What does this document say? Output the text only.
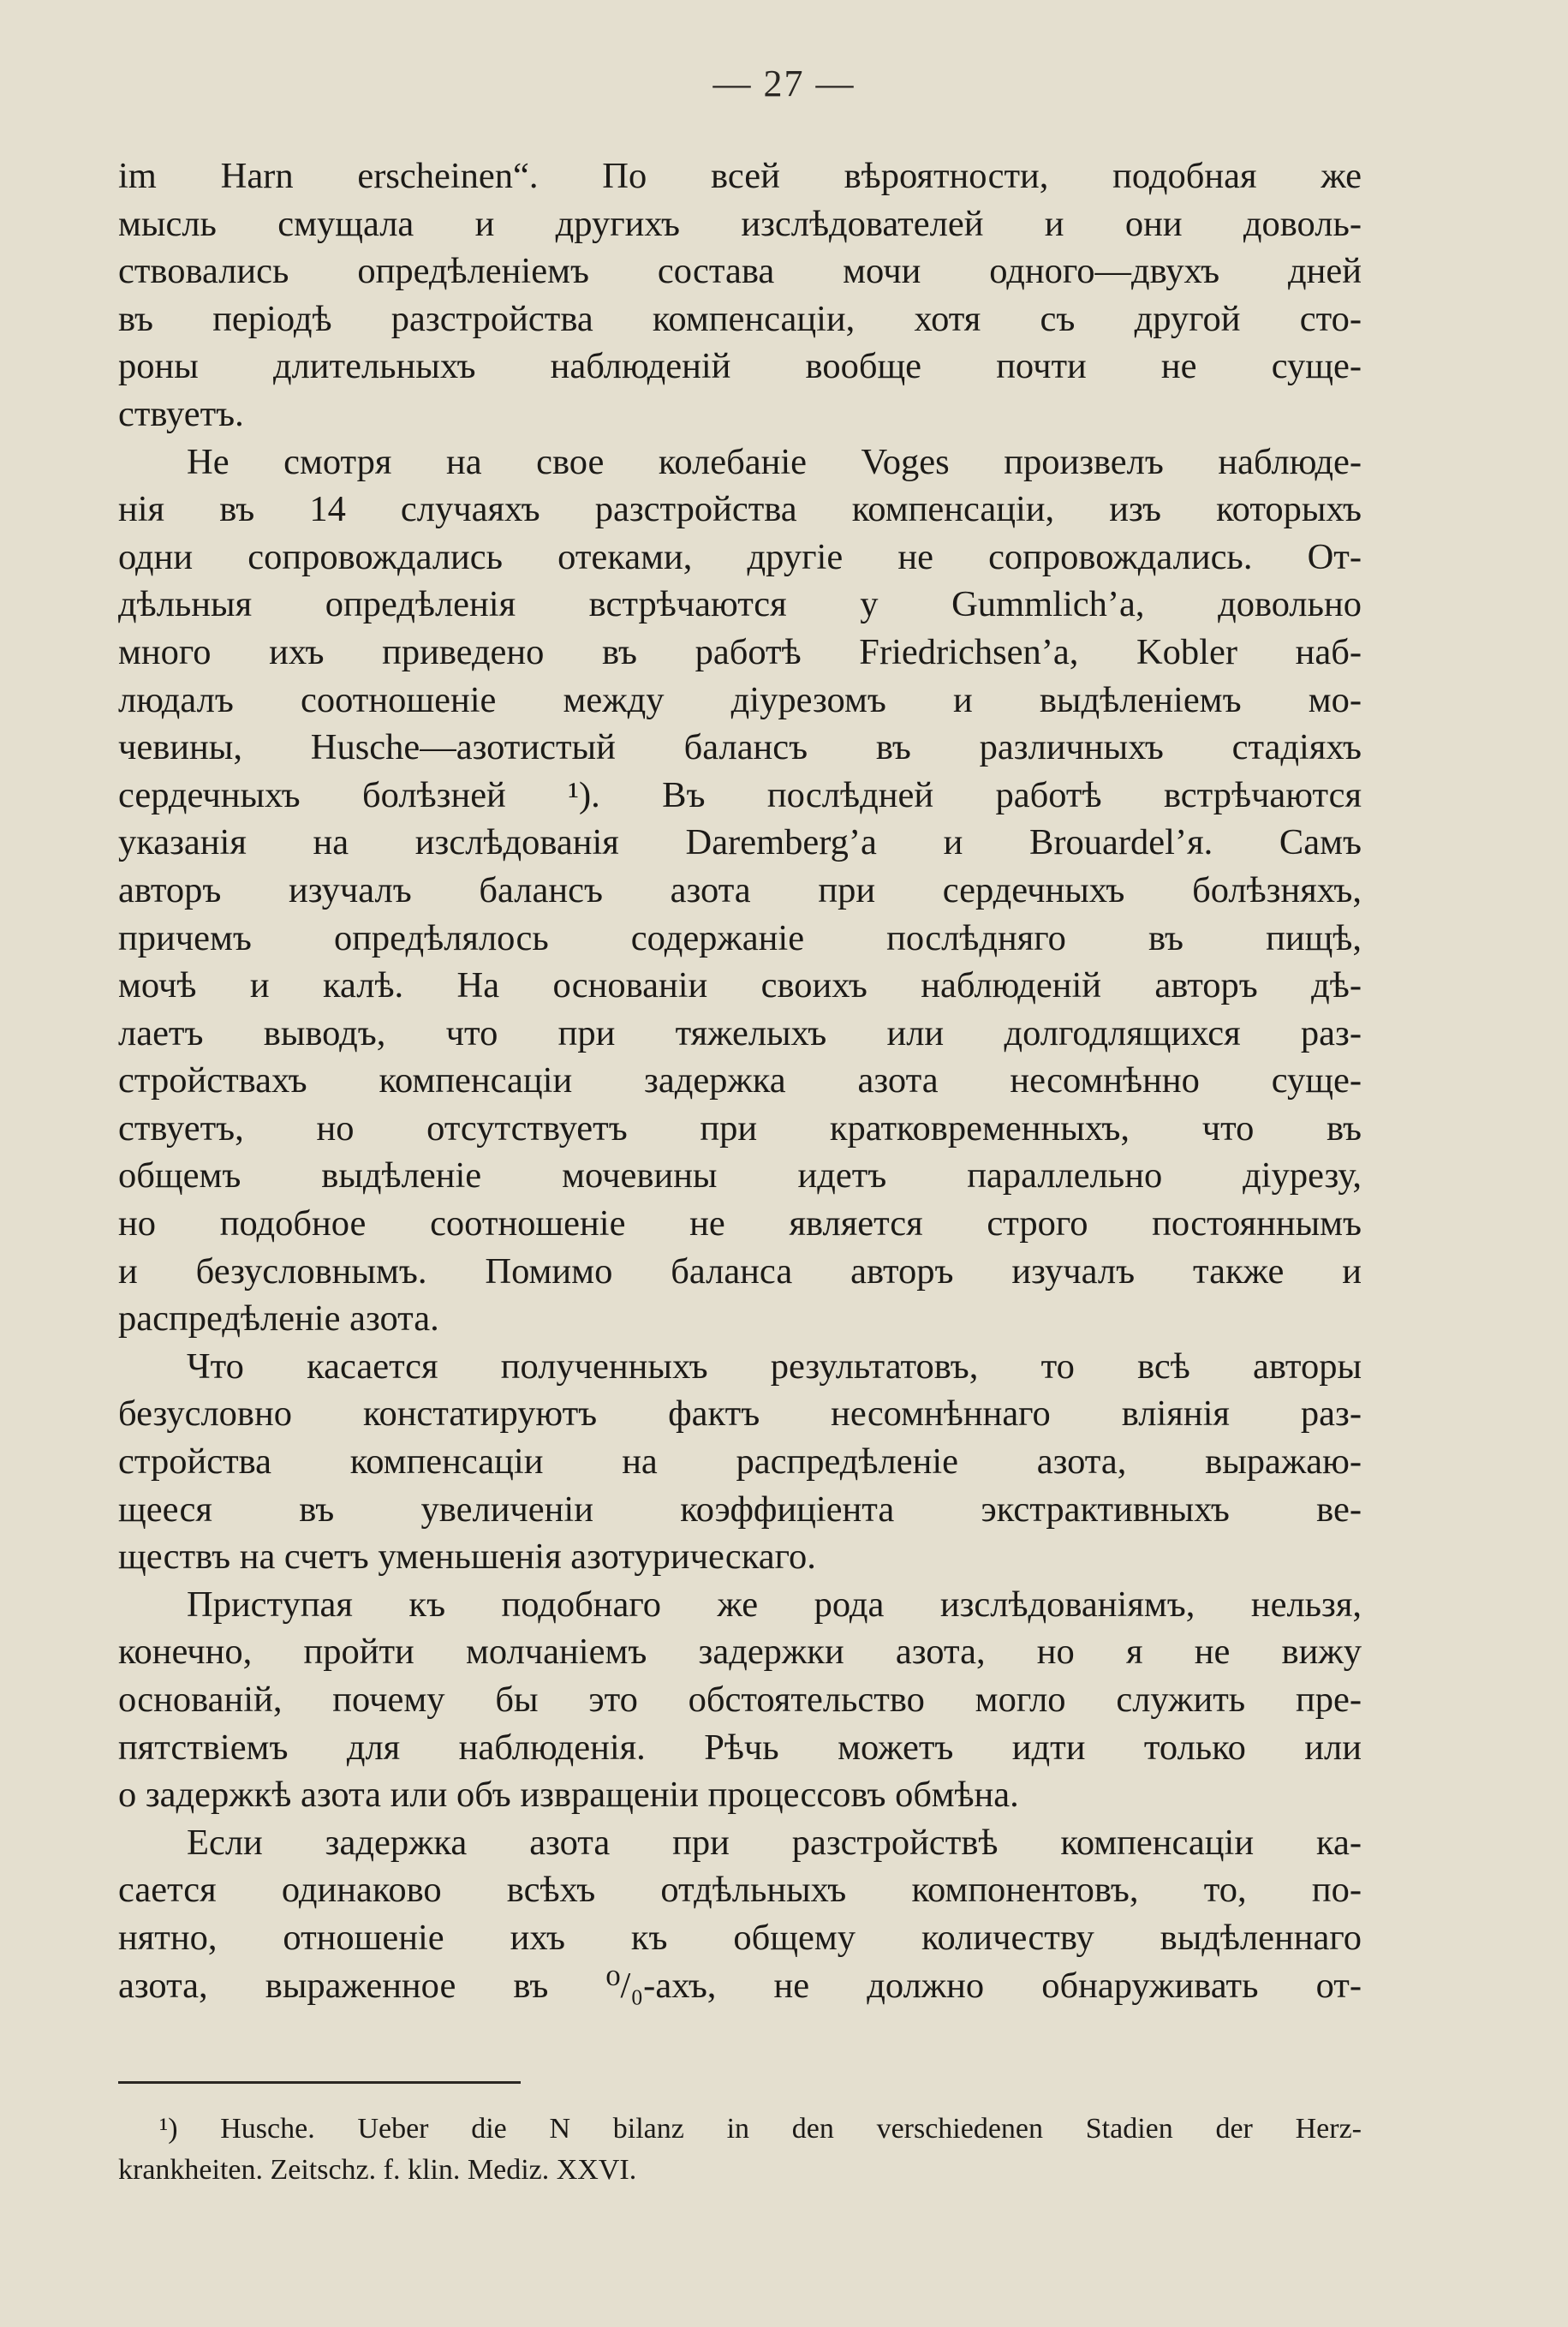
— 27 —
im Harn erscheinen“. По всей вѣроятности, подобная же
мысль смущала и другихъ изслѣдователей и они доволь-
ствовались опредѣленіемъ состава мочи одного—двухъ дней
въ періодѣ разстройства компенсаціи, хотя съ другой сто-
роны длительныхъ наблюденій вообще почти не суще-
ствуетъ.
Не смотря на свое колебаніе Voges произвелъ наблюде-
нія въ 14 случаяхъ разстройства компенсаціи, изъ которыхъ
одни сопровождались отеками, другіе не сопровождались. От-
дѣльныя опредѣленія встрѣчаются у Gummlich’a, довольно
много ихъ приведено въ работѣ Friedrichsen’a, Kobler наб-
людалъ соотношеніе между діурезомъ и выдѣленіемъ мо-
чевины, Husche—азотистый балансъ въ различныхъ стадіяхъ
сердечныхъ болѣзней ¹). Въ послѣдней работѣ встрѣчаются
указанія на изслѣдованія Daremberg’a и Brouardel’я. Самъ
авторъ изучалъ балансъ азота при сердечныхъ болѣзняхъ,
причемъ опредѣлялось содержаніе послѣдняго въ пищѣ,
мочѣ и калѣ. На основаніи своихъ наблюденій авторъ дѣ-
лаетъ выводъ, что при тяжелыхъ или долгодлящихся раз-
стройствахъ компенсаціи задержка азота несомнѣнно суще-
ствуетъ, но отсутствуетъ при кратковременныхъ, что въ
общемъ выдѣленіе мочевины идетъ параллельно діурезу,
но подобное соотношеніе не является строго постояннымъ
и безусловнымъ. Помимо баланса авторъ изучалъ также и
распредѣленіе азота.
Что касается полученныхъ результатовъ, то всѣ авторы
безусловно констатируютъ фактъ несомнѣннаго вліянія раз-
стройства компенсаціи на распредѣленіе азота, выражаю-
щееся въ увеличеніи коэффиціента экстрактивныхъ ве-
ществъ на счетъ уменьшенія азотурическаго.
Приступая къ подобнаго же рода изслѣдованіямъ, нельзя,
конечно, пройти молчаніемъ задержки азота, но я не вижу
основаній, почему бы это обстоятельство могло служить пре-
пятствіемъ для наблюденія. Рѣчь можетъ идти только или
о задержкѣ азота или объ извращеніи процессовъ обмѣна.
Если задержка азота при разстройствѣ компенсаціи ка-
сается одинаково всѣхъ отдѣльныхъ компонентовъ, то, по-
нятно, отношеніе ихъ къ общему количеству выдѣленнаго
азота, выраженное въ ⁰/₀-ахъ, не должно обнаруживать от-
¹) Husche. Ueber die N bilanz in den verschiedenen Stadien der Herz-
krankheiten. Zeitschz. f. klin. Mediz. XXVI.
